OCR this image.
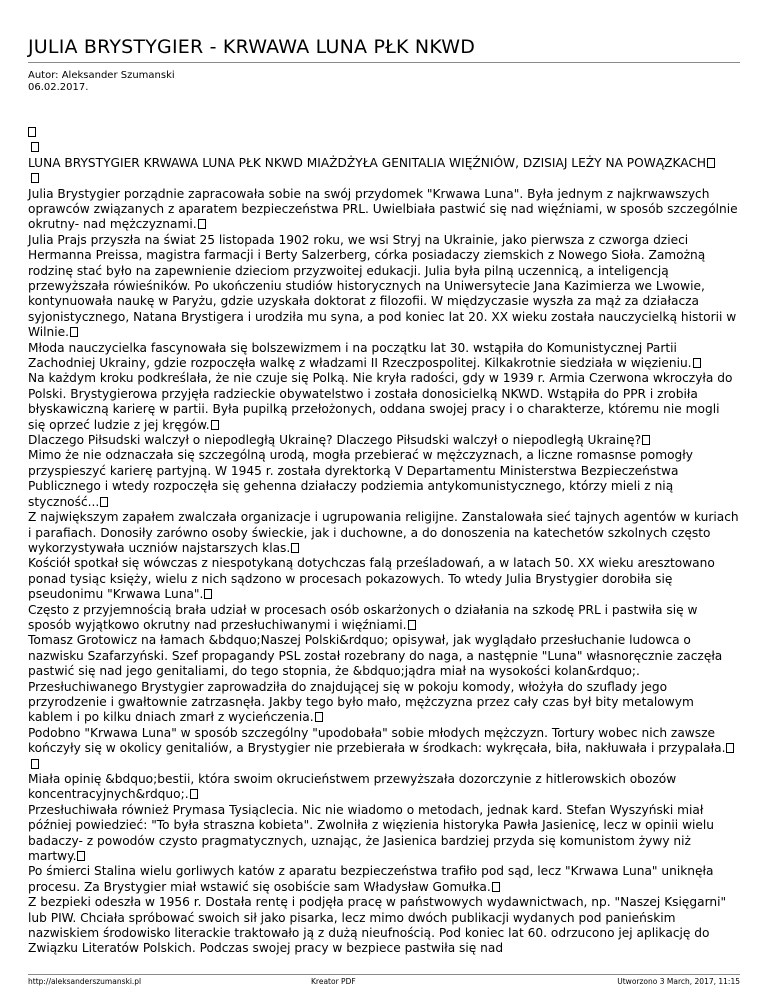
JULIA BRYSTYGIER - KRWAWA LUNA PŁK NKWD
Autor: Aleksander Szumanski
06.02.2017.

LUNA BRYSTYGIER KRWAWA LUNA PŁK NKWD MIAŻDŻYŁA GENITALIA WIĘŹNIÓW, DZISIAJ LEŻY NA POWĄZKACH

Julia Brystygier porządnie zapracowała sobie na swój przydomek "Krwawa Luna". Była jednym z najkrwawszych oprawców związanych z aparatem bezpieczeństwa PRL. Uwielbiała pastwić się nad więźniami, w sposób szczególnie okrutny- nad mężczyznami.

Julia Prajs przyszła na świat 25 listopada 1902 roku, we wsi Stryj na Ukrainie, jako pierwsza z czworga dzieci Hermanna Preissa, magistra farmacji i Berty Salzerberg, córka posiadaczy ziemskich z Nowego Sioła. Zamożną rodzinę stać było na zapewnienie dzieciom przyzwoitej edukacji. Julia była pilną uczennicą, a inteligencją przewyższała rówieśników. Po ukończeniu studiów historycznych na Uniwersytecie Jana Kazimierza we Lwowie, kontynuowała naukę w Paryżu, gdzie uzyskała doktorat z filozofii. W międzyczasie wyszła za mąż za działacza syjonistycznego, Natana Brystigera i urodziła mu syna, a pod koniec lat 20. XX wieku została nauczycielką historii w Wilnie.

Młoda nauczycielka fascynowała się bolszewizmem i na początku lat 30. wstąpiła do Komunistycznej Partii Zachodniej Ukrainy, gdzie rozpoczęła walkę z władzami II Rzeczpospolitej. Kilkakrotnie siedziała w więzieniu.

Na każdym kroku podkreślała, że nie czuje się Polką. Nie kryła radości, gdy w 1939 r. Armia Czerwona wkroczyła do Polski. Brystygierowa przyjęła radzieckie obywatelstwo i została donosicielką NKWD. Wstąpiła do PPR i zrobiła błyskawiczną karierę w partii. Była pupilką przełożonych, oddana swojej pracy i o charakterze, któremu nie mogli się oprzeć ludzie z jej kręgów.

Dlaczego Piłsudski walczył o niepodległą Ukrainę? Dlaczego Piłsudski walczył o niepodległą Ukrainę?

Mimo że nie odznaczała się szczególną urodą, mogła przebierać w mężczyznach, a liczne romasnse pomogły przyspieszyć karierę partyjną. W 1945 r. została dyrektorką V Departamentu Ministerstwa Bezpieczeństwa Publicznego i wtedy rozpoczęła się gehenna działaczy podziemia antykomunistycznego, którzy mieli z nią styczność...

Z największym zapałem zwalczała organizacje i ugrupowania religijne. Zanstalowała sieć tajnych agentów w kuriach i parafiach. Donosiły zarówno osoby świeckie, jak i duchowne, a do donoszenia na katechetów szkolnych często wykorzystywała uczniów najstarszych klas.

Kościół spotkał się wówczas z niespotykaną dotychczas falą prześladowań, a w latach 50. XX wieku aresztowano ponad tysiąc księży, wielu z nich sądzono w procesach pokazowych. To wtedy Julia Brystygier dorobiła się pseudonimu "Krwawa Luna".

Często z przyjemnością brała udział w procesach osób oskarżonych o działania na szkodę PRL i pastwiła się w sposób wyjątkowo okrutny nad przesłuchiwanymi i więźniami.

Tomasz Grotowicz na łamach &bdquo;Naszej Polski&rdquo; opisywał, jak wyglądało przesłuchanie ludowca o nazwisku Szafarzyński. Szef propagandy PSL został rozebrany do naga, a następnie "Luna" własnoręcznie zaczęła pastwić się nad jego genitaliami, do tego stopnia, że &bdquo;jądra miał na wysokości kolan&rdquo;. Przesłuchiwanego Brystygier zaprowadziła do znajdującej się w pokoju komody, włożyła do szuflady jego przyrodzenie i gwałtownie zatrzasnęła. Jakby tego było mało, mężczyzna przez cały czas był bity metalowym kablem i po kilku dniach zmarł z wycieńczenia.

Podobno "Krwawa Luna" w sposób szczególny "upodobała" sobie młodych mężczyzn. Tortury wobec nich zawsze kończyły się w okolicy genitaliów, a Brystygier nie przebierała w środkach: wykręcała, biła, nakłuwała i przypalała.

Miała opinię &bdquo;bestii, która swoim okrucieństwem przewyższała dozorczynie z hitlerowskich obozów koncentracyjnych&rdquo;.

Przesłuchiwała również Prymasa Tysiąclecia. Nic nie wiadomo o metodach, jednak kard. Stefan Wyszyński miał później powiedzieć: "To była straszna kobieta". Zwolniła z więzienia historyka Pawła Jasienicę, lecz w opinii wielu badaczy- z powodów czysto pragmatycznych, uznając, że Jasienica bardziej przyda się komunistom żywy niż martwy.

Po śmierci Stalina wielu gorliwych katów z aparatu bezpieczeństwa trafiło pod sąd, lecz "Krwawa Luna" uniknęła procesu. Za Brystygier miał wstawić się osobiście sam Władysław Gomułka.

Z bezpieki odeszła w 1956 r. Dostała rentę i podjęła pracę w państwowych wydawnictwach, np. "Naszej Księgarni" lub PIW. Chciała spróbować swoich sił jako pisarka, lecz mimo dwóch publikacji wydanych pod panieńskim nazwiskiem środowisko literackie traktowało ją z dużą nieufnością. Pod koniec lat 60. odrzucono jej aplikację do Związku Literatów Polskich. Podczas swojej pracy w bezpiece pastwiła się nad

http://aleksanderszumanski.pl	Kreator PDF	Utworzono 3 March, 2017, 11:15
